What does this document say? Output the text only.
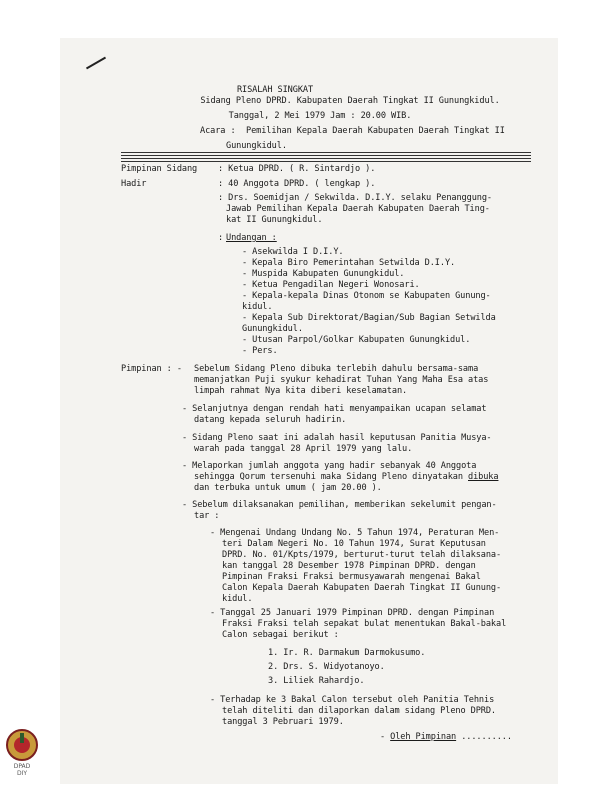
RISALAH SINGKAT
Sidang Pleno DPRD. Kabupaten Daerah Tingkat II Gunungkidul.
Tanggal, 2 Mei 1979 Jam : 20.00 WIB.
Acara : Pemilihan Kepala Daerah Kabupaten Daerah Tingkat II
Gunungkidul.
Pimpinan Sidang : Ketua DPRD. ( R. Sintardjo ).
Hadir	: 40 Anggota DPRD. ( lengkap ).
: Drs. Soemidjan / Sekwilda. D.I.Y. selaku Penanggung-
Jawab Pemilihan Kepala Daerah Kabupaten Daerah Ting-
kat II Gunungkidul.
: Undangan :
- Asekwilda I D.I.Y.
- Kepala Biro Pemerintahan Setwilda D.I.Y.
- Muspida Kabupaten Gunungkidul.
- Ketua Pengadilan Negeri Wonosari.
- Kepala-kepala Dinas Otonom se Kabupaten Gunung-
kidul.
- Kepala Sub Direktorat/Bagian/Sub Bagian Setwilda
Gunungkidul.
- Utusan Parpol/Golkar Kabupaten Gunungkidul.
- Pers.
Pimpinan : - Sebelum Sidang Pleno dibuka terlebih dahulu bersama-sama
memanjatkan Puji syukur kehadirat Tuhan Yang Maha Esa atas
limpah rahmat Nya kita diberi keselamatan.
- Selanjutnya dengan rendah hati menyampaikan ucapan selamat
datang kepada seluruh hadirin.
- Sidang Pleno saat ini adalah hasil keputusan Panitia Musya-
warah pada tanggal 28 April 1979 yang lalu.
- Melaporkan jumlah anggota yang hadir sebanyak 40 Anggota
sehingga Qorum tersenuhi maka Sidang Pleno dinyatakan dibuka
dan terbuka untuk umum ( jam 20.00 ).
- Sebelum dilaksanakan pemilihan, memberikan sekelumit pengan-
tar :
- Mengenai Undang Undang No. 5 Tahun 1974, Peraturan Men-
teri Dalam Negeri No. 10 Tahun 1974, Surat Keputusan
DPRD. No. 01/Kpts/1979, berturut-turut telah dilaksana-
kan tanggal 28 Desember 1978 Pimpinan DPRD. dengan
Pimpinan Fraksi Fraksi bermusyawarah mengenai Bakal
Calon Kepala Daerah Kabupaten Daerah Tingkat II Gunung-
kidul.
- Tanggal 25 Januari 1979 Pimpinan DPRD. dengan Pimpinan
Fraksi Fraksi telah sepakat bulat menentukan Bakal-bakal
Calon sebagai berikut :
1. Ir. R. Darmakum Darmokusumo.
2. Drs. S. Widyotanoyo.
3. Liliek Rahardjo.
- Terhadap ke 3 Bakal Calon tersebut oleh Panitia Tehnis
telah diteliti dan dilaporkan dalam sidang Pleno DPRD.
tanggal 3 Pebruari 1979.
- Oleh Pimpinan ..........
DPAD
DIY
